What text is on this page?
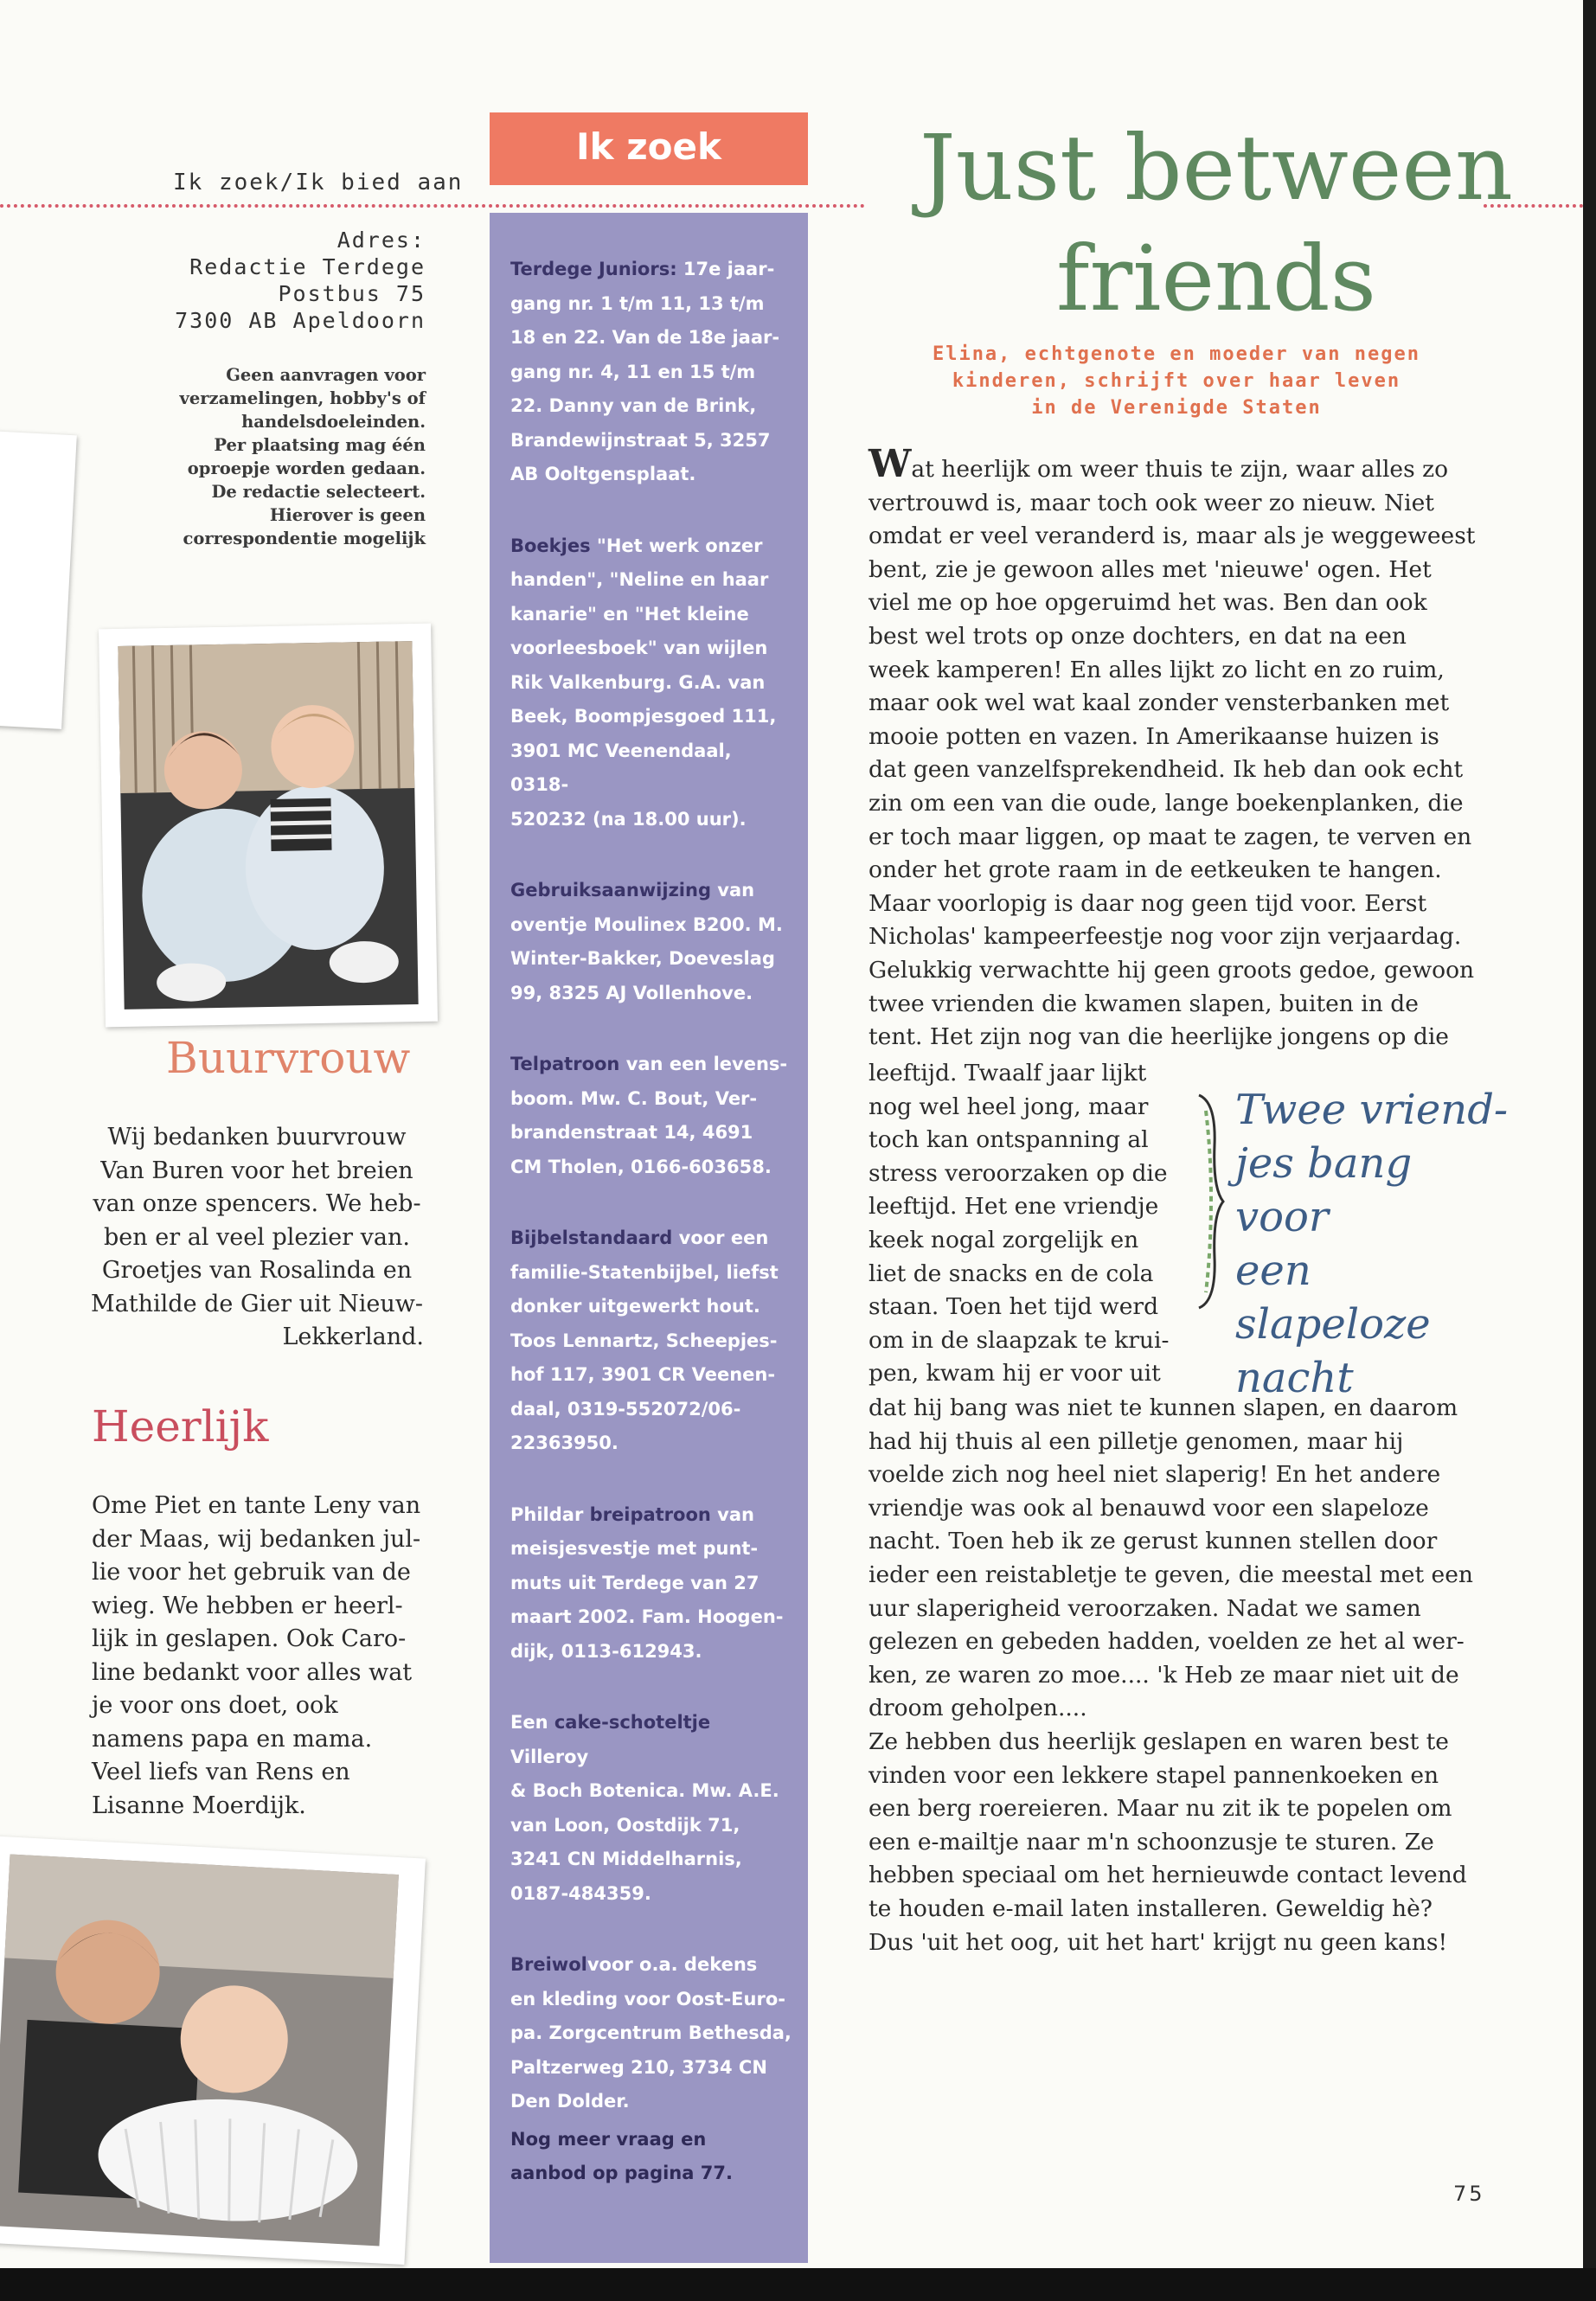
Ik zoek/Ik bied aan
Adres:
Redactie Terdege
Postbus 75
7300 AB Apeldoorn
Geen aanvragen voor
verzamelingen, hobby's of
handelsdoeleinden.
Per plaatsing mag één
oproepje worden gedaan.
De redactie selecteert.
Hierover is geen
correspondentie mogelijk
Buurvrouw
Wij bedanken buurvrouw
Van Buren voor het breien
van onze spencers. We heb-
ben er al veel plezier van.
Groetjes van Rosalinda en
Mathilde de Gier uit Nieuw-
Lekkerland.
Heerlijk
Ome Piet en tante Leny van
der Maas, wij bedanken jul-
lie voor het gebruik van de
wieg. We hebben er heerl-
lijk in geslapen. Ook Caro-
line bedankt voor alles wat
je voor ons doet, ook
namens papa en mama.
Veel liefs van Rens en
Lisanne Moerdijk.
Ik zoek

Terdege Juniors: 17e jaar-

gang nr. 1 t/m 11, 13 t/m

18 en 22. Van de 18e jaar-

gang nr. 4, 11 en 15 t/m

22. Danny van de Brink,

Brandewijnstraat 5, 3257

AB Ooltgensplaat.

Boekjes "Het werk onzer

handen", "Neline en haar

kanarie" en "Het kleine

voorleesboek" van wijlen

Rik Valkenburg. G.A. van

Beek, Boompjesgoed 111,

3901 MC Veenendaal, 0318-

520232 (na 18.00 uur).

Gebruiksaanwijzing van

oventje Moulinex B200. M.

Winter-Bakker, Doeveslag

99, 8325 AJ Vollenhove.

Telpatroon van een levens-

boom. Mw. C. Bout, Ver-

brandenstraat 14, 4691

CM Tholen, 0166-603658.

Bijbelstandaard voor een

familie-Statenbijbel, liefst

donker uitgewerkt hout.

Toos Lennartz, Scheepjes-

hof 117, 3901 CR Veenen-

daal, 0319-552072/06-

22363950.

Phildar breipatroon van

meisjesvestje met punt-

muts uit Terdege van 27

maart 2002. Fam. Hoogen-

dijk, 0113-612943.

Een cake-schoteltje Villeroy

& Boch Botenica. Mw. A.E.

van Loon, Oostdijk 71,

3241 CN Middelharnis,

0187-484359.

Breiwolvoor o.a. dekens

en kleding voor Oost-Euro-

pa. Zorgcentrum Bethesda,

Paltzerweg 210, 3734 CN

Den Dolder.

Nog meer vraag en

aanbod op pagina 77.

Just between
friends
Elina, echtgenote en moeder van negen
kinderen, schrijft over haar leven
in de Verenigde Staten

Wat heerlijk om weer thuis te zijn, waar alles zo

vertrouwd is, maar toch ook weer zo nieuw. Niet

omdat er veel veranderd is, maar als je weggeweest

bent, zie je gewoon alles met 'nieuwe' ogen. Het

viel me op hoe opgeruimd het was. Ben dan ook

best wel trots op onze dochters, en dat na een

week kamperen! En alles lijkt zo licht en zo ruim,

maar ook wel wat kaal zonder vensterbanken met

mooie potten en vazen. In Amerikaanse huizen is

dat geen vanzelfsprekendheid. Ik heb dan ook echt

zin om een van die oude, lange boekenplanken, die

er toch maar liggen, op maat te zagen, te verven en

onder het grote raam in de eetkeuken te hangen.

Maar voorlopig is daar nog geen tijd voor. Eerst

Nicholas' kampeerfeestje nog voor zijn verjaardag.

Gelukkig verwachtte hij geen groots gedoe, gewoon

twee vrienden die kwamen slapen, buiten in de

tent. Het zijn nog van die heerlijke jongens op die

leeftijd. Twaalf jaar lijkt

nog wel heel jong, maar

toch kan ontspanning al

stress veroorzaken op die

leeftijd. Het ene vriendje

keek nogal zorgelijk en

liet de snacks en de cola

staan. Toen het tijd werd

om in de slaapzak te krui-

pen, kwam hij er voor uit

Twee vriend-
jes bang voor
een slapeloze
nacht

dat hij bang was niet te kunnen slapen, en daarom

had hij thuis al een pilletje genomen, maar hij

voelde zich nog heel niet slaperig! En het andere

vriendje was ook al benauwd voor een slapeloze

nacht. Toen heb ik ze gerust kunnen stellen door

ieder een reistabletje te geven, die meestal met een

uur slaperigheid veroorzaken. Nadat we samen

gelezen en gebeden hadden, voelden ze het al wer-

ken, ze waren zo moe.... 'k Heb ze maar niet uit de

droom geholpen....

Ze hebben dus heerlijk geslapen en waren best te

vinden voor een lekkere stapel pannenkoeken en

een berg roereieren. Maar nu zit ik te popelen om

een e-mailtje naar m'n schoonzusje te sturen. Ze

hebben speciaal om het hernieuwde contact levend

te houden e-mail laten installeren. Geweldig hè?

Dus 'uit het oog, uit het hart' krijgt nu geen kans!

75
